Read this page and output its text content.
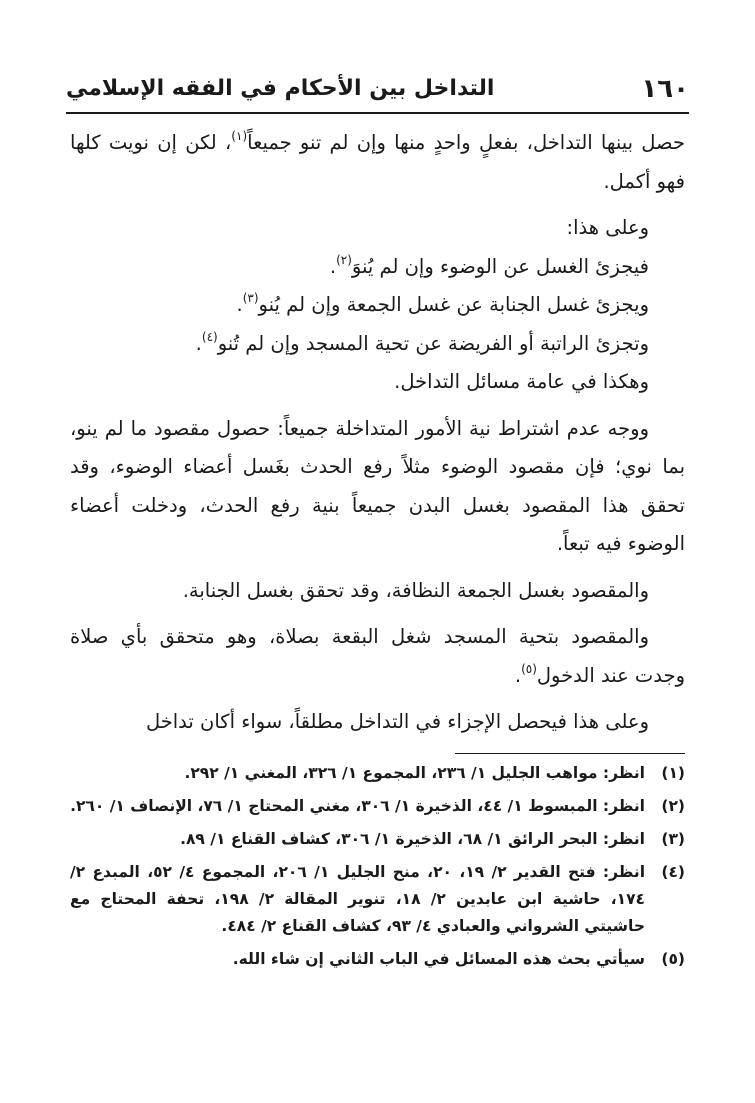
١٦٠
التداخل بين الأحكام في الفقه الإسلامي

حصل بينها التداخل، بفعلٍ واحدٍ منها وإن لم تنو جميعاً$^{(١)}$، لكن إن نويت كلها فهو أكمل.

وعلى هذا:

فيجزئ الغسل عن الوضوء وإن لم يُنوَ$^{(٢)}$.

ويجزئ غسل الجنابة عن غسل الجمعة وإن لم يُنو$^{(٣)}$.

وتجزئ الراتبة أو الفريضة عن تحية المسجد وإن لم تُنو$^{(٤)}$.

وهكذا في عامة مسائل التداخل.

ووجه عدم اشتراط نية الأمور المتداخلة جميعاً: حصول مقصود ما لم ينو، بما نوي؛ فإن مقصود الوضوء مثلاً رفع الحدث بغَسل أعضاء الوضوء، وقد تحقق هذا المقصود بغسل البدن جميعاً بنية رفع الحدث، ودخلت أعضاء الوضوء فيه تبعاً.

والمقصود بغسل الجمعة النظافة، وقد تحقق بغسل الجنابة.

والمقصود بتحية المسجد شغل البقعة بصلاة، وهو متحقق بأي صلاة وجدت عند الدخول$^{(٥)}$.

وعلى هذا فيحصل الإجزاء في التداخل مطلقاً، سواء أكان تداخل

(١)
انظر: مواهب الجليل ١/ ٢٣٦، المجموع ١/ ٣٢٦، المغني ١/ ٢٩٢.
(٢)
انظر: المبسوط ١/ ٤٤، الذخيرة ١/ ٣٠٦، مغني المحتاج ١/ ٧٦، الإنصاف ١/ ٢٦٠.
(٣)
انظر: البحر الرائق ١/ ٦٨، الذخيرة ١/ ٣٠٦، كشاف القناع ١/ ٨٩.
(٤)
انظر: فتح القدير ٢/ ١٩، ٢٠، منح الجليل ١/ ٢٠٦، المجموع ٤/ ٥٢، المبدع ٢/ ١٧٤، حاشية ابن عابدين ٢/ ١٨، تنوير المقالة ٢/ ١٩٨، تحفة المحتاج مع حاشيتي الشرواني والعبادي ٤/ ٩٣، كشاف القناع ٢/ ٤٨٤.
(٥)
سيأتي بحث هذه المسائل في الباب الثاني إن شاء الله.
